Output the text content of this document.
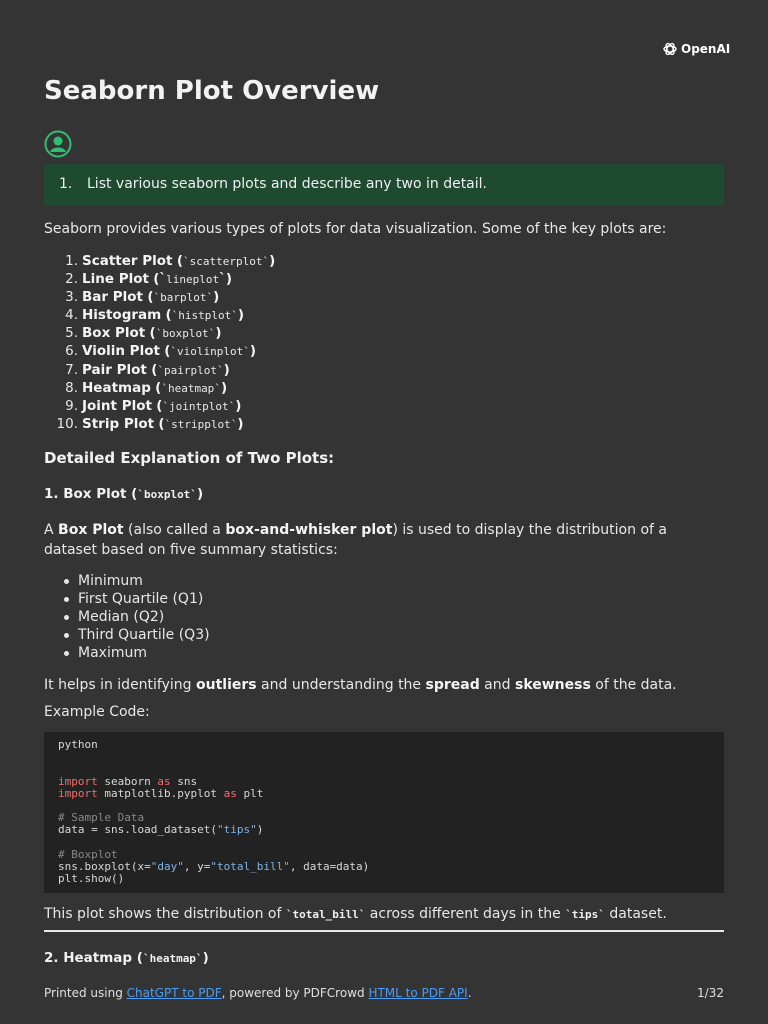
OpenAI
Seaborn Plot Overview
1. List various seaborn plots and describe any two in detail.

Seaborn provides various types of plots for data visualization. Some of the key plots are:

1. Scatter Plot (`scatterplot`)
2. Line Plot (`lineplot`)
3. Bar Plot (`barplot`)
4. Histogram (`histplot`)
5. Box Plot (`boxplot`)
6. Violin Plot (`violinplot`)
7. Pair Plot (`pairplot`)
8. Heatmap (`heatmap`)
9. Joint Plot (`jointplot`)
10. Strip Plot (`stripplot`)
Detailed Explanation of Two Plots:
1. Box Plot (`boxplot`)

A Box Plot (also called a box-and-whisker plot) is used to display the distribution of a dataset based on five summary statistics:

Minimum
First Quartile (Q1)
Median (Q2)
Third Quartile (Q3)
Maximum

It helps in identifying outliers and understanding the spread and skewness of the data.

Example Code:

python

import seaborn as sns
import matplotlib.pyplot as plt

# Sample Data
data = sns.load_dataset("tips")

# Boxplot
sns.boxplot(x="day", y="total_bill", data=data)
plt.show()

This plot shows the distribution of `total_bill` across different days in the `tips` dataset.

2. Heatmap (`heatmap`)
Printed using ChatGPT to PDF, powered by PDFCrowd HTML to PDF API.	1/32
